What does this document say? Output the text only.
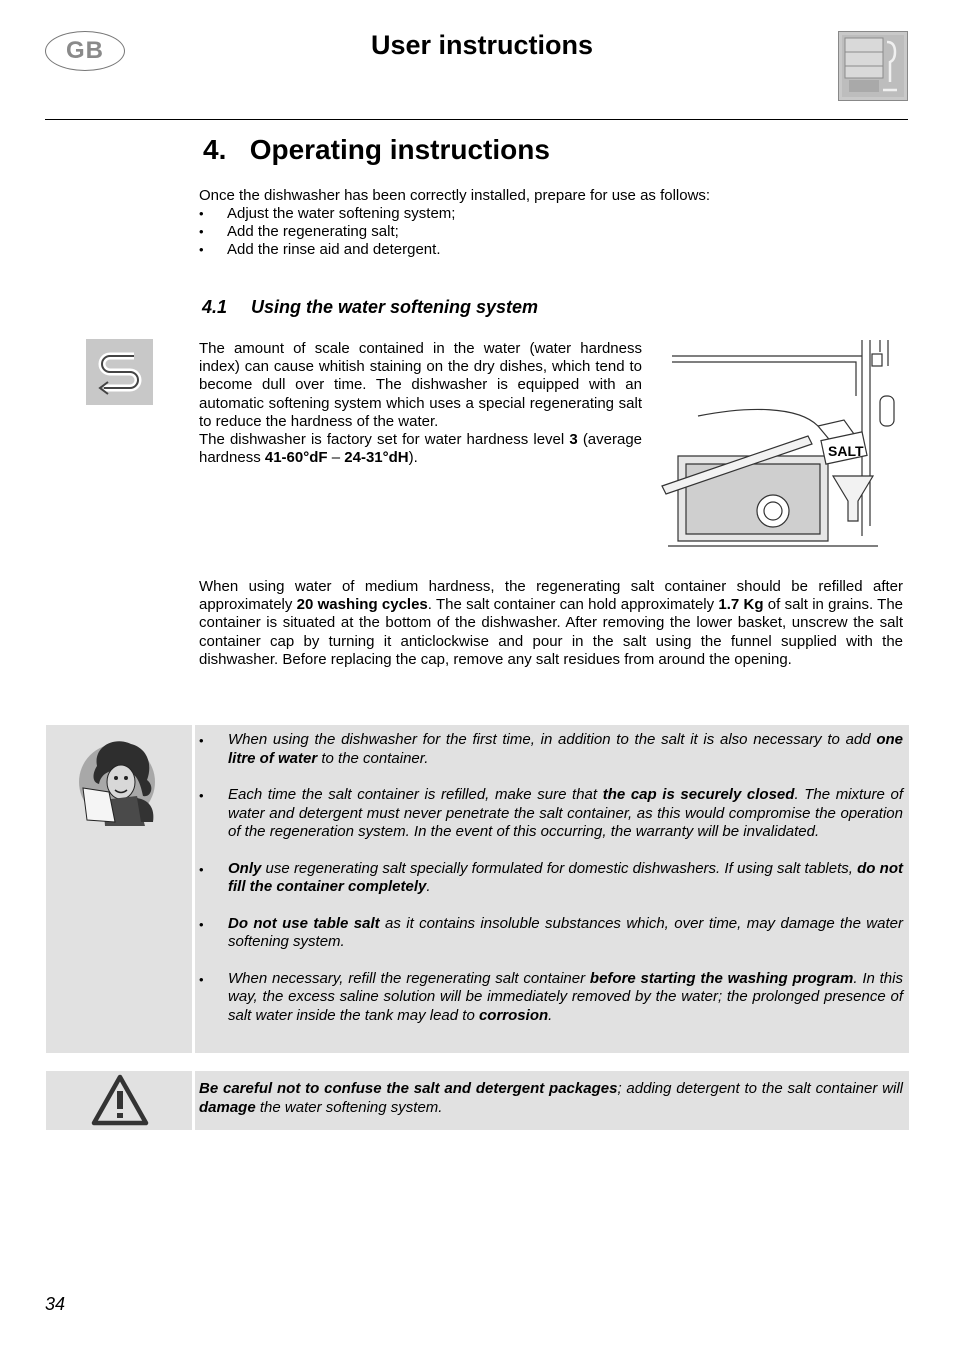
GB	User instructions
4.   Operating instructions
Once the dishwasher has been correctly installed, prepare for use as follows:
• Adjust the water softening system;
• Add the regenerating salt;
• Add the rinse aid and detergent.
4.1 Using the water softening system

The amount of scale contained in the water (water hardness index) can cause whitish staining on the dry dishes, which tend to become dull over time. The dishwasher is equipped with an automatic softening system which uses a special regenerating salt to reduce the hardness of the water.
The dishwasher is factory set for water hardness level 3 (average hardness 41-60°dF – 24-31°dH).	SALT

When using water of medium hardness, the regenerating salt container should be refilled after approximately 20 washing cycles. The salt container can hold approximately 1.7 Kg of salt in grains. The container is situated at the bottom of the dishwasher. After removing the lower basket, unscrew the salt container cap by turning it anticlockwise and pour in the salt using the funnel supplied with the dishwasher. Before replacing the cap, remove any salt residues from around the opening.

• When using the dishwasher for the first time, in addition to the salt it is also necessary to add one litre of water to the container.
• Each time the salt container is refilled, make sure that the cap is securely closed. The mixture of water and detergent must never penetrate the salt container, as this would compromise the operation of the regeneration system. In the event of this occurring, the warranty will be invalidated.
• Only use regenerating salt specially formulated for domestic dishwashers. If using salt tablets, do not fill the container completely.
• Do not use table salt as it contains insoluble substances which, over time, may damage the water softening system.
• When necessary, refill the regenerating salt container before starting the washing program. In this way, the excess saline solution will be immediately removed by the water; the prolonged presence of salt water inside the tank may lead to corrosion.

Be careful not to confuse the salt and detergent packages; adding detergent to the salt container will damage the water softening system.

34
